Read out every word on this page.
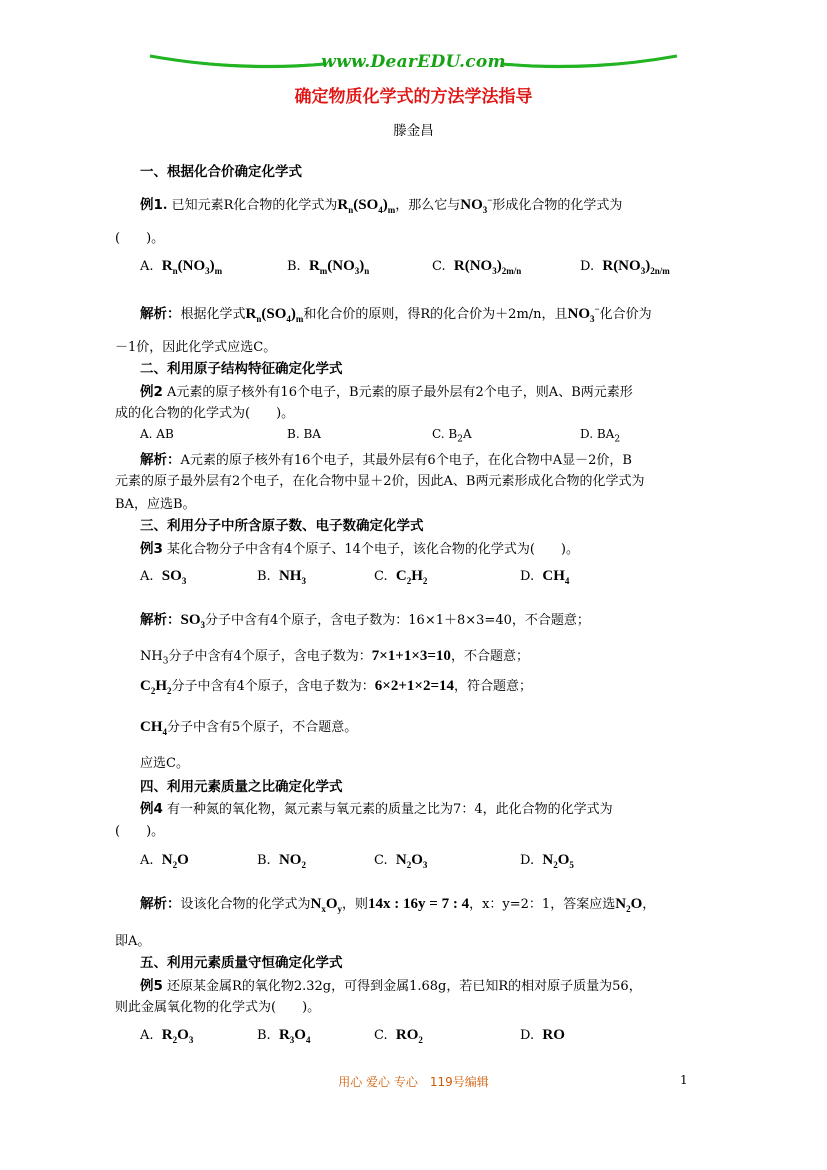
www.DearEDU.com
确定物质化学式的方法学法指导
滕金昌
一、根据化合价确定化学式
例1. 已知元素R化合物的化学式为$R_n(SO_4)_m$，那么它与$NO_3^-$形成化合物的化学式为
(　　)。
A. $R_n(NO_3)_m$	B. $R_m(NO_3)_n$	C. $R(NO_3)_{2m/n}$	D. $R(NO_3)_{2n/m}$
解析：根据化学式$R_n(SO_4)_m$和化合价的原则，得R的化合价为＋2m/n，且$NO_3^-$化合价为
－1价，因此化学式应选C。
二、利用原子结构特征确定化学式
例2 A元素的原子核外有16个电子，B元素的原子最外层有2个电子，则A、B两元素形
成的化合物的化学式为(　　)。
A. AB	B. BA	C. $B_2A$	D. $BA_2$
解析：A元素的原子核外有16个电子，其最外层有6个电子，在化合物中A显－2价，B
元素的原子最外层有2个电子，在化合物中显＋2价，因此A、B两元素形成化合物的化学式为
BA，应选B。
三、利用分子中所含原子数、电子数确定化学式
例3 某化合物分子中含有4个原子、14个电子，该化合物的化学式为(　　)。
A. $SO_3$	B. $NH_3$	C. $C_2H_2$	D. $CH_4$
解析：$SO_3$分子中含有4个原子，含电子数为：16×1＋8×3=40，不合题意；
$NH_3$分子中含有4个原子，含电子数为：7×1+1×3=10，不合题意；
$C_2H_2$分子中含有4个原子，含电子数为：6×2+1×2=14，符合题意；
$CH_4$分子中含有5个原子，不合题意。
应选C。
四、利用元素质量之比确定化学式
例4 有一种氮的氧化物，氮元素与氧元素的质量之比为7：4，此化合物的化学式为
(　　)。
A. $N_2O$	B. $NO_2$	C. $N_2O_3$	D. $N_2O_5$
解析：设该化合物的化学式为$N_xO_y$，则14x : 16y = 7 : 4，x：y=2：1，答案应选$N_2O$，
即A。
五、利用元素质量守恒确定化学式
例5 还原某金属R的氧化物2.32g，可得到金属1.68g，若已知R的相对原子质量为56，
则此金属氧化物的化学式为(　　)。
A. $R_2O_3$	B. $R_3O_4$	C. $RO_2$	D. RO
用心 爱心 专心　119号编辑	1
